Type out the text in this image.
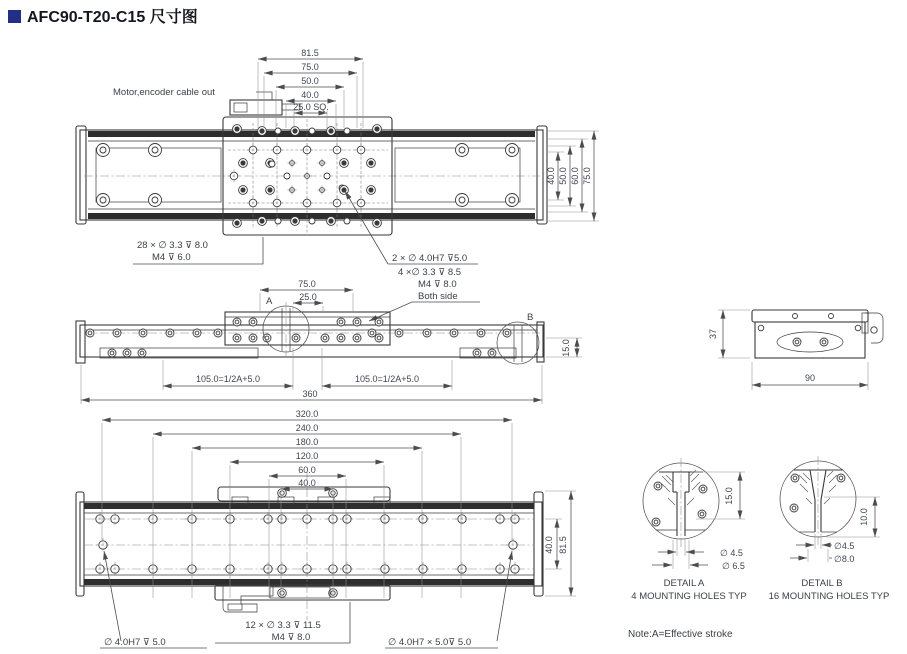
AFC90-T20-C15 尺寸图
Motor,encoder cable out
81.5
75.0
50.0
40.0
25.0 SQ.
40.0 50.0 60.0 75.0
28 × ∅ 3.3 ⊽ 8.0
M4 ⊽ 6.0	2 × ∅ 4.0H7 ⊽5.0
4 ×∅ 3.3 ⊽ 8.5
M4 ⊽ 8.0
Both side
A
B
75.0
25.0
15.0
105.0=1/2A+5.0	105.0=1/2A+5.0
360
37
90
320.0
240.0
180.0
120.0
60.0
40.0
40.0 81.5
∅ 4.0H7 ⊽ 5.0
12 × ∅ 3.3 ⊽ 11.5
M4 ⊽ 8.0	∅ 4.0H7 × 5.0⊽ 5.0
15.0
∅ 4.5
∅ 6.5
DETAIL A
4 MOUNTING HOLES TYP
10.0
∅4.5
∅8.0
DETAIL B
16 MOUNTING HOLES TYP
Note:A=Effective stroke
